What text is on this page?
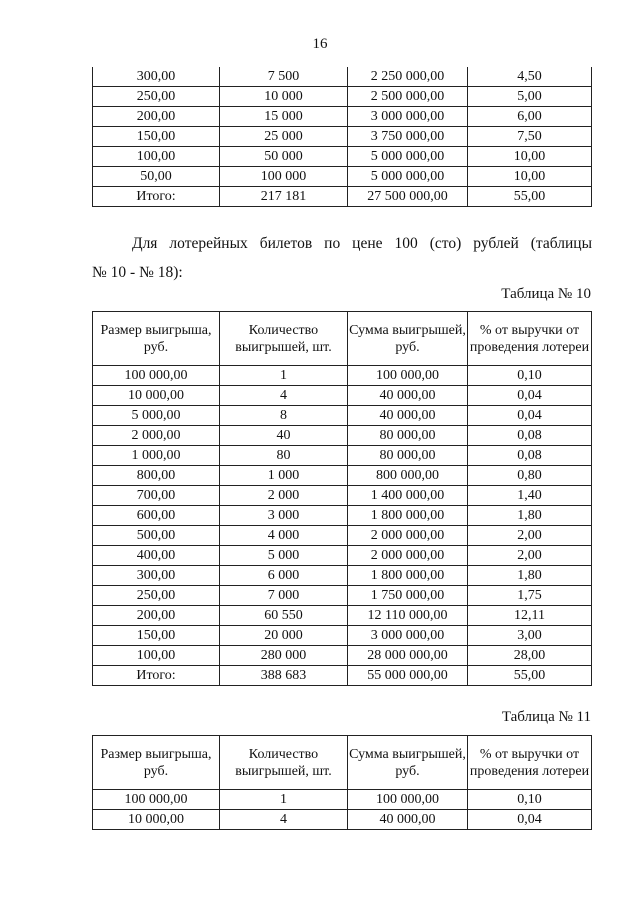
16
300,00	7 500	2 250 000,00	4,50
250,00	10 000	2 500 000,00	5,00
200,00	15 000	3 000 000,00	6,00
150,00	25 000	3 750 000,00	7,50
100,00	50 000	5 000 000,00	10,00
50,00	100 000	5 000 000,00	10,00
Итого:	217 181	27 500 000,00	55,00
Для лотерейных билетов по цене 100 (сто) рублей (таблицы
№ 10 - № 18):
Таблица № 10
Размер выигрыша, руб.	Количество выигрышей, шт.	Сумма выигрышей, руб.	% от выручки от проведения лотереи
100 000,00	1	100 000,00	0,10
10 000,00	4	40 000,00	0,04
5 000,00	8	40 000,00	0,04
2 000,00	40	80 000,00	0,08
1 000,00	80	80 000,00	0,08
800,00	1 000	800 000,00	0,80
700,00	2 000	1 400 000,00	1,40
600,00	3 000	1 800 000,00	1,80
500,00	4 000	2 000 000,00	2,00
400,00	5 000	2 000 000,00	2,00
300,00	6 000	1 800 000,00	1,80
250,00	7 000	1 750 000,00	1,75
200,00	60 550	12 110 000,00	12,11
150,00	20 000	3 000 000,00	3,00
100,00	280 000	28 000 000,00	28,00
Итого:	388 683	55 000 000,00	55,00
Таблица № 11
Размер выигрыша, руб.	Количество выигрышей, шт.	Сумма выигрышей, руб.	% от выручки от проведения лотереи
100 000,00	1	100 000,00	0,10
10 000,00	4	40 000,00	0,04
